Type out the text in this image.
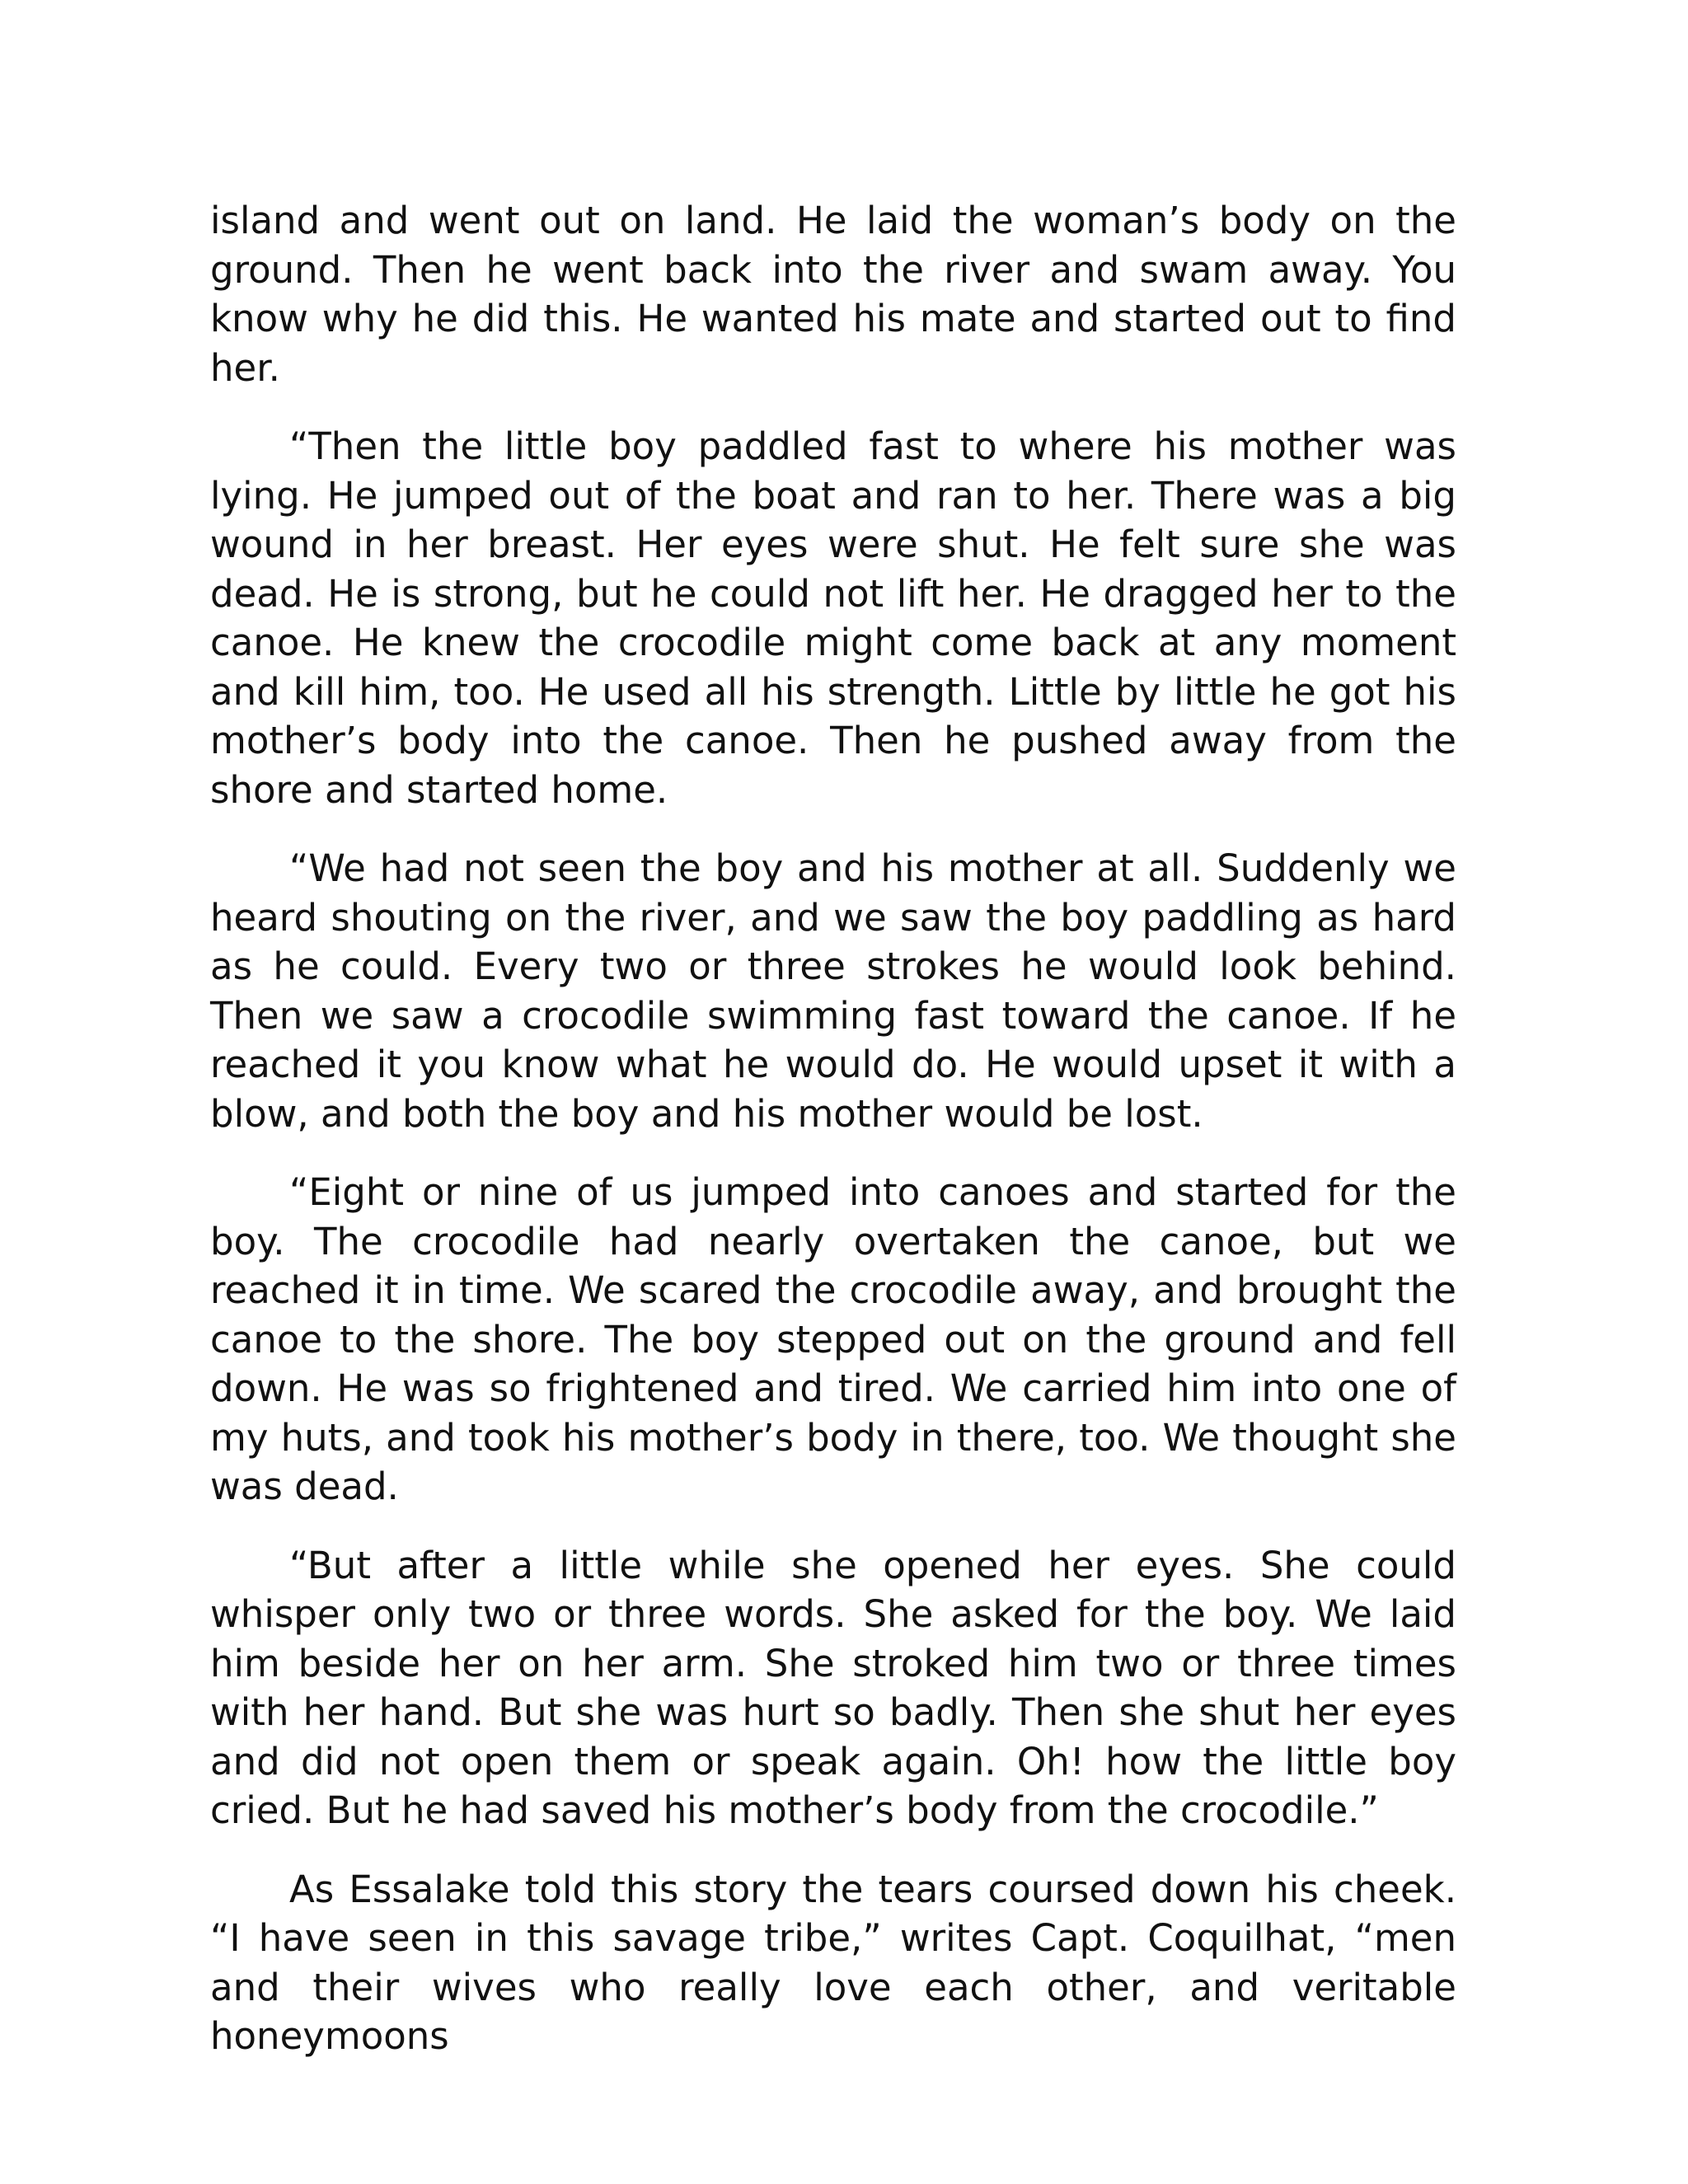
island and went out on land. He laid the woman’s body on the ground. Then he went back into the river and swam away. You know why he did this. He wanted his mate and started out to find her.

“Then the little boy paddled fast to where his mother was lying. He jumped out of the boat and ran to her. There was a big wound in her breast. Her eyes were shut. He felt sure she was dead. He is strong, but he could not lift her. He dragged her to the canoe. He knew the crocodile might come back at any moment and kill him, too. He used all his strength. Little by little he got his mother’s body into the canoe. Then he pushed away from the shore and started home.

“We had not seen the boy and his mother at all. Suddenly we heard shouting on the river, and we saw the boy paddling as hard as he could. Every two or three strokes he would look behind. Then we saw a crocodile swimming fast toward the canoe. If he reached it you know what he would do. He would upset it with a blow, and both the boy and his mother would be lost.

“Eight or nine of us jumped into canoes and started for the boy. The crocodile had nearly overtaken the canoe, but we reached it in time. We scared the crocodile away, and brought the canoe to the shore. The boy stepped out on the ground and fell down. He was so frightened and tired. We carried him into one of my huts, and took his mother’s body in there, too. We thought she was dead.

“But after a little while she opened her eyes. She could whisper only two or three words. She asked for the boy. We laid him beside her on her arm. She stroked him two or three times with her hand. But she was hurt so badly. Then she shut her eyes and did not open them or speak again. Oh! how the little boy cried. But he had saved his mother’s body from the crocodile.”

As Essalake told this story the tears coursed down his cheek. “I have seen in this savage tribe,” writes Capt. Coquilhat, “men and their wives who really love each other, and veritable honeymoons
